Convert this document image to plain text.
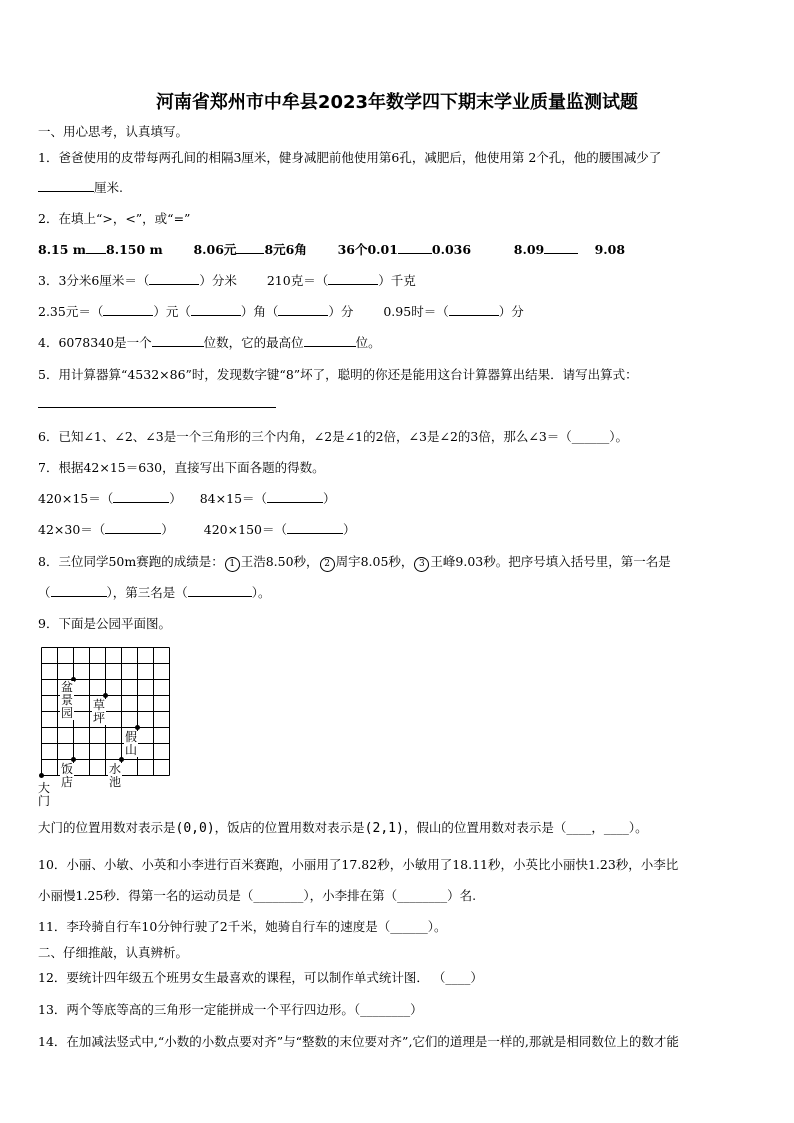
河南省郑州市中牟县2023年数学四下期末学业质量监测试题
一、用心思考，认真填写。
1．爸爸使用的皮带每两孔间的相隔3厘米，健身减肥前他使用第6孔，减肥后，他使用第 2个孔，他的腰围减少了
厘米.
2．在填上“>，<”，或“=”
8.15 m 8.150 m 8.06元 8元6角 36个0.01	0.036	8.09	9.08
3．3分米6厘米＝（	）分米 210克＝（	）千克
2.35元＝（	）元（	）角（	）分 0.95时＝（	）分
4．6078340是一个	位数，它的最高位	位。
5．用计算器算“4532×86”时，发现数字键“8”坏了，聪明的你还是能用这台计算器算出结果．请写出算式：
6．已知∠1、∠2、∠3是一个三角形的三个内角，∠2是∠1的2倍，∠3是∠2的3倍，那么∠3＝（______）。
7．根据42×15＝630，直接写出下面各题的得数。
420×15＝（	） 84×15＝（	）
42×30＝（	） 420×150＝（	）
8．三位同学50m赛跑的成绩是： 1 王浩8.50秒， 2 周宇8.05秒， 3 王峰9.03秒。把序号填入括号里，第一名是
（	），第三名是（	）。
9．下面是公园平面图。
盆景园
草坪
假山
饭店
水池
大门
大门的位置用数对表示是(0,0)，饭店的位置用数对表示是(2,1)，假山的位置用数对表示是（____，____）。
10．小丽、小敏、小英和小李进行百米赛跑，小丽用了17.82秒，小敏用了18.11秒，小英比小丽快1.23秒，小李比
小丽慢1.25秒．得第一名的运动员是（________），小李排在第（________）名.
11．李玲骑自行车10分钟行驶了2千米，她骑自行车的速度是（______）。
二、仔细推敲，认真辨析。
12．要统计四年级五个班男女生最喜欢的课程，可以制作单式统计图． （____）
13．两个等底等高的三角形一定能拼成一个平行四边形。（________）
14．在加减法竖式中,“小数的小数点要对齐”与“整数的末位要对齐”,它们的道理是一样的,那就是相同数位上的数才能
